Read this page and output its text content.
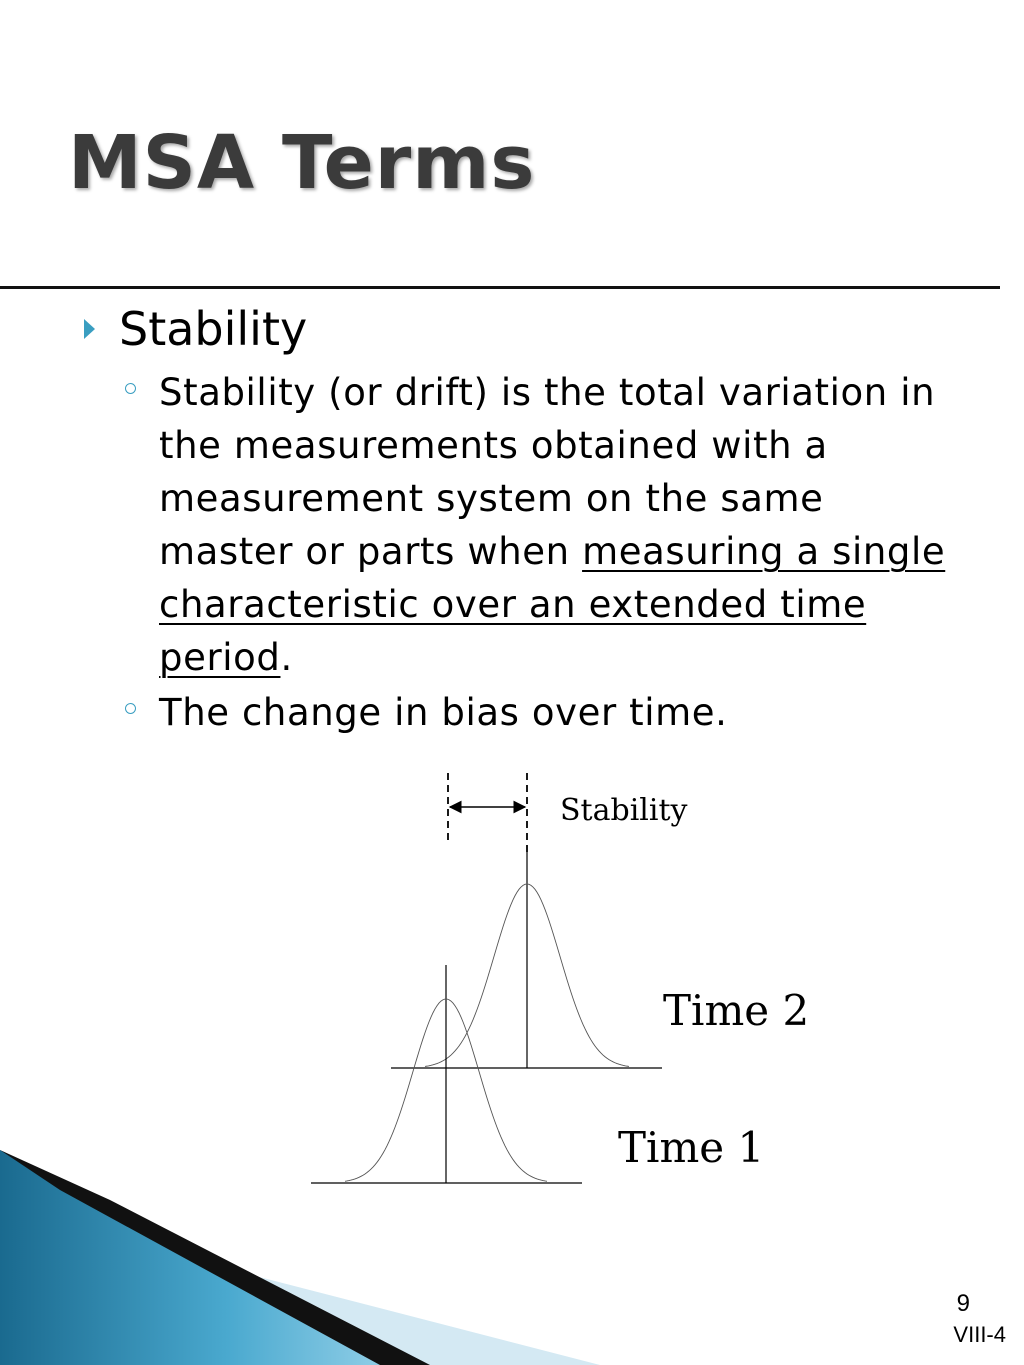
MSA Terms
Stability
Stability (or drift) is the total variation in the measurements obtained with a measurement system on the same master or parts when measuring a single characteristic over an extended time period.
The change in bias over time.
Stability
Time 2
Time 1
9
VIII-4
